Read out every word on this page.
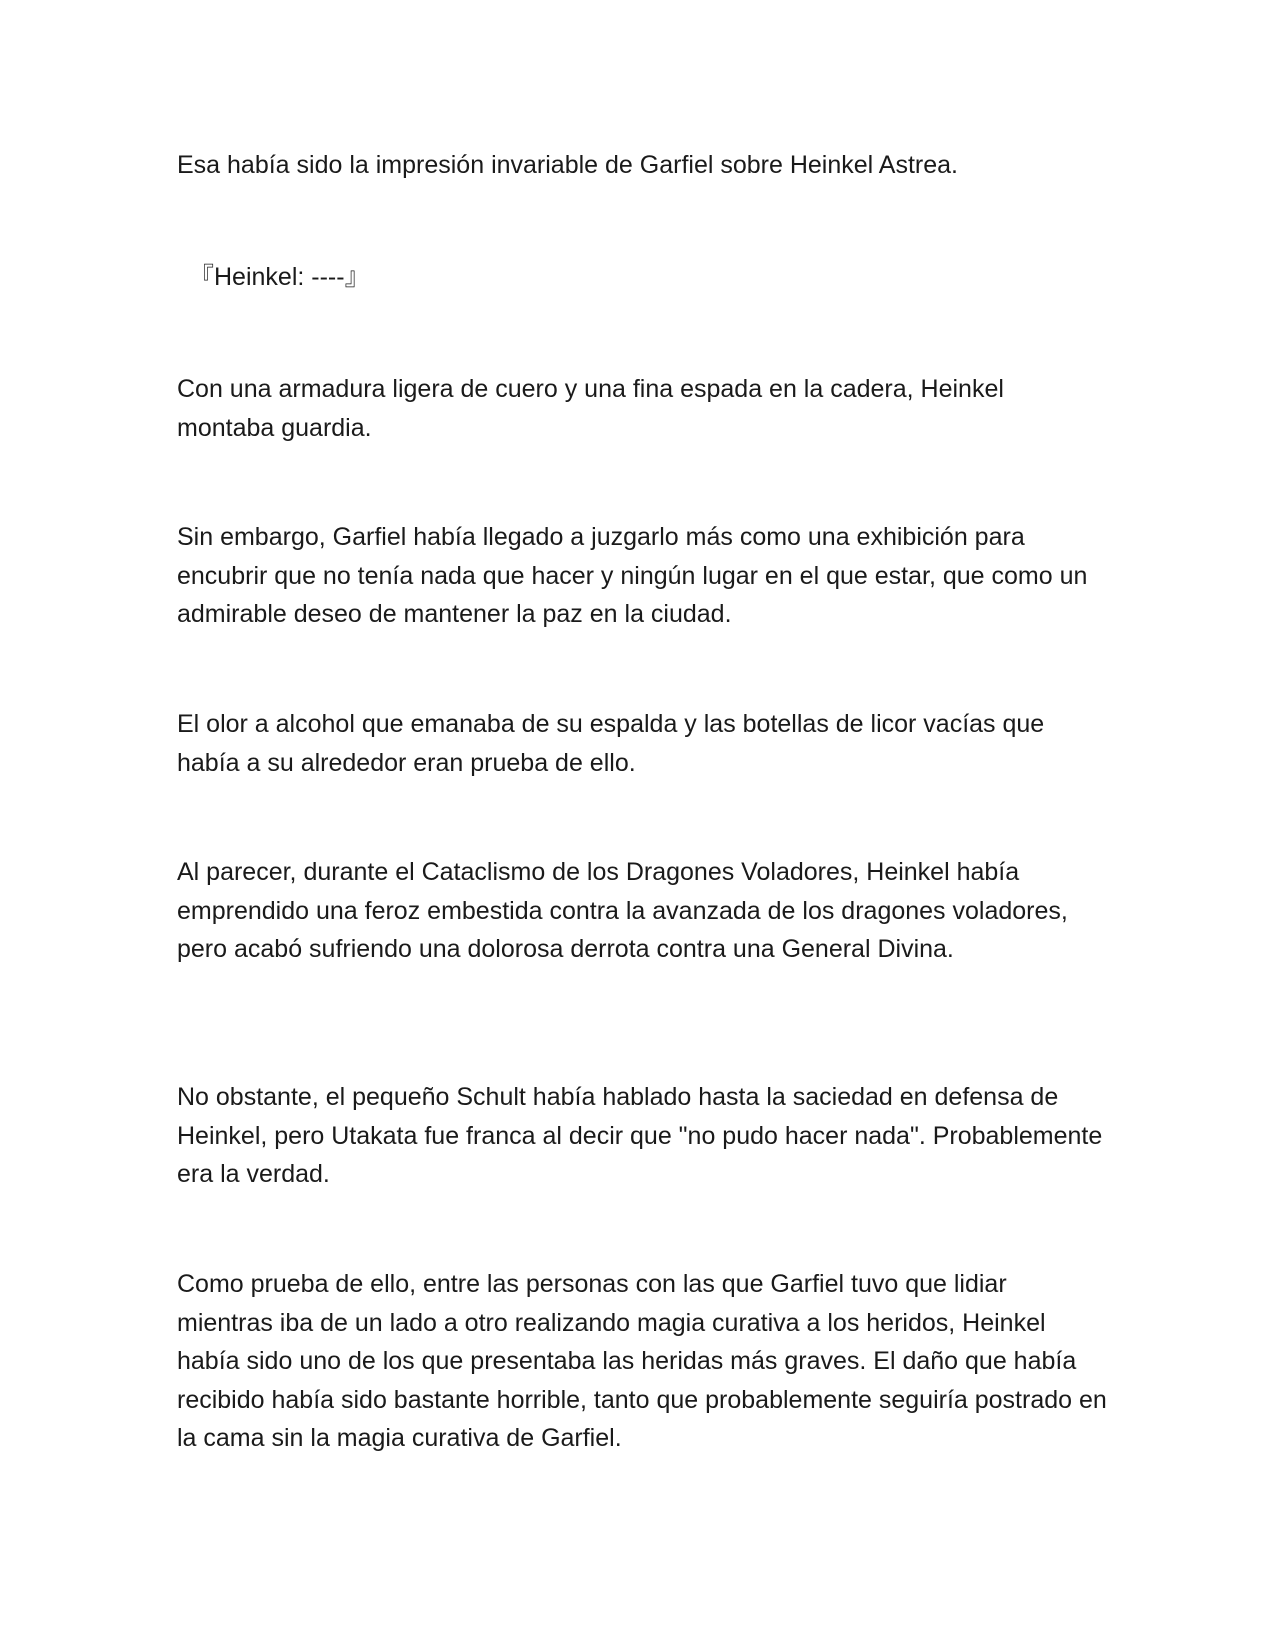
Esa había sido la impresión invariable de Garfiel sobre Heinkel Astrea.

『Heinkel: ----』

Con una armadura ligera de cuero y una fina espada en la cadera, Heinkel montaba guardia.

Sin embargo, Garfiel había llegado a juzgarlo más como una exhibición para encubrir que no tenía nada que hacer y ningún lugar en el que estar, que como un admirable deseo de mantener la paz en la ciudad.

El olor a alcohol que emanaba de su espalda y las botellas de licor vacías que había a su alrededor eran prueba de ello.

Al parecer, durante el Cataclismo de los Dragones Voladores, Heinkel había emprendido una feroz embestida contra la avanzada de los dragones voladores, pero acabó sufriendo una dolorosa derrota contra una General Divina.

No obstante, el pequeño Schult había hablado hasta la saciedad en defensa de Heinkel, pero Utakata fue franca al decir que "no pudo hacer nada". Probablemente era la verdad.

Como prueba de ello, entre las personas con las que Garfiel tuvo que lidiar mientras iba de un lado a otro realizando magia curativa a los heridos, Heinkel había sido uno de los que presentaba las heridas más graves. El daño que había recibido había sido bastante horrible, tanto que probablemente seguiría postrado en la cama sin la magia curativa de Garfiel.
